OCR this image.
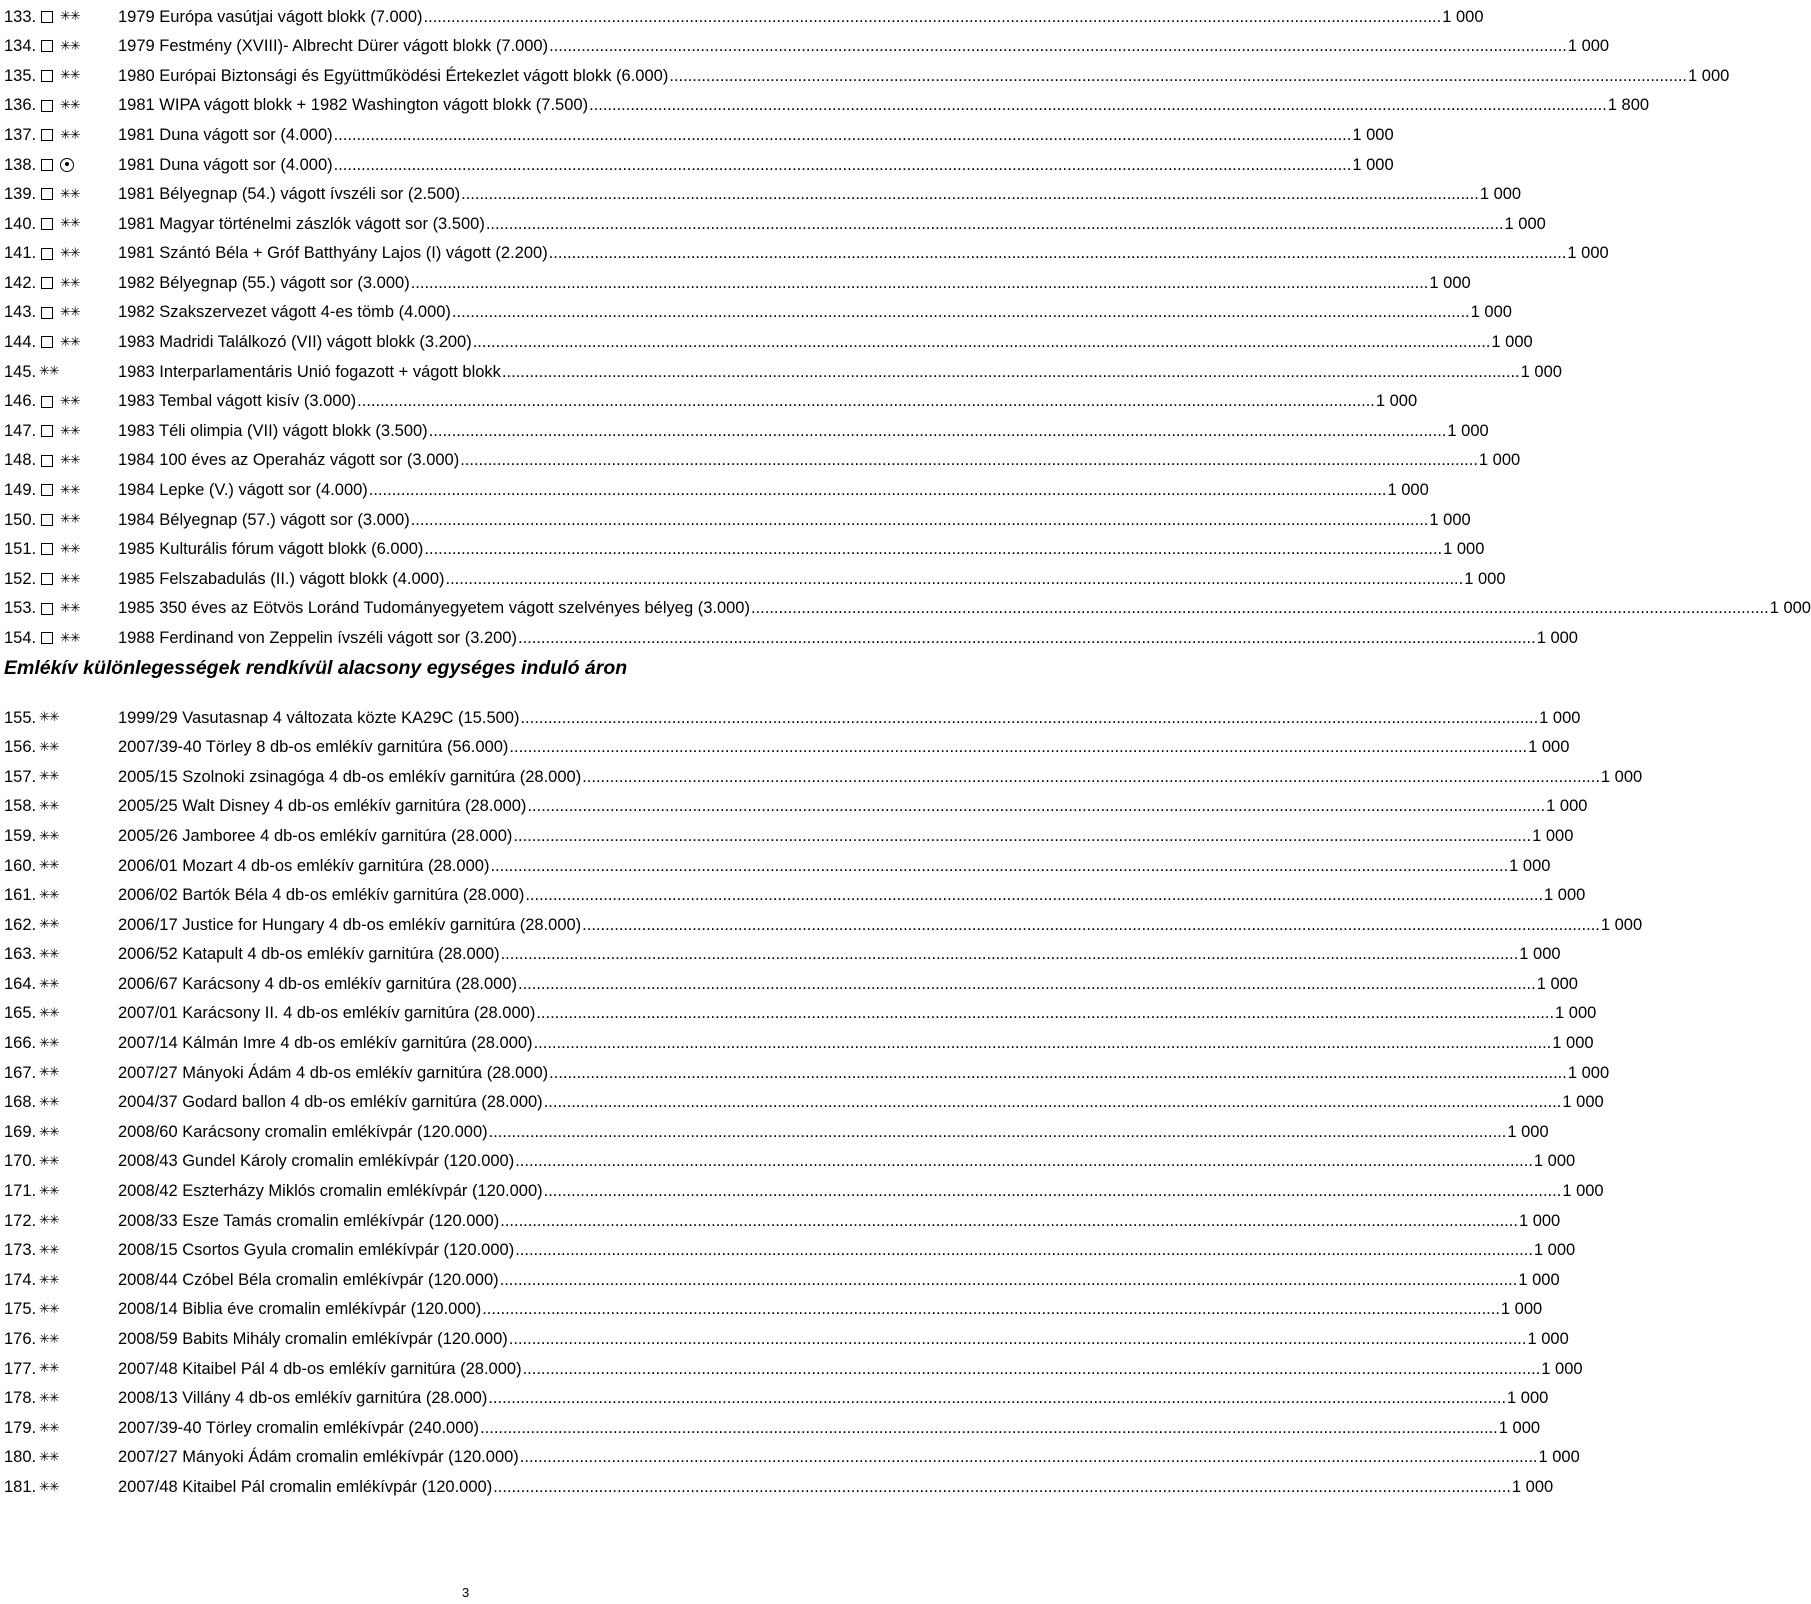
133. ✳✳ 1979 Európa vasútjai vágott blokk (7.000) .............................................................................................................................................................................................................................. 1 000
134. ✳✳ 1979 Festmény (XVIII)- Albrecht Dürer vágott blokk (7.000) .............................................................................................................................................................................................................................. 1 000
135. ✳✳ 1980 Európai Biztonsági és Együttműködési Értekezlet vágott blokk (6.000) .............................................................................................................................................................................................................................. 1 000
136. ✳✳ 1981 WIPA vágott blokk + 1982 Washington vágott blokk (7.500) .............................................................................................................................................................................................................................. 1 800
137. ✳✳ 1981 Duna vágott sor (4.000) .............................................................................................................................................................................................................................. 1 000
138.	1981 Duna vágott sor (4.000) .............................................................................................................................................................................................................................. 1 000
139. ✳✳ 1981 Bélyegnap (54.) vágott ívszéli sor (2.500) .............................................................................................................................................................................................................................. 1 000
140. ✳✳ 1981 Magyar történelmi zászlók vágott sor (3.500) .............................................................................................................................................................................................................................. 1 000
141. ✳✳ 1981 Szántó Béla + Gróf Batthyány Lajos (I) vágott (2.200) .............................................................................................................................................................................................................................. 1 000
142. ✳✳ 1982 Bélyegnap (55.) vágott sor (3.000) .............................................................................................................................................................................................................................. 1 000
143. ✳✳ 1982 Szakszervezet vágott 4-es tömb (4.000) .............................................................................................................................................................................................................................. 1 000
144. ✳✳ 1983 Madridi Találkozó (VII) vágott blokk (3.200) .............................................................................................................................................................................................................................. 1 000
145. ✳✳	1983 Interparlamentáris Unió fogazott + vágott blokk .............................................................................................................................................................................................................................. 1 000
146. ✳✳ 1983 Tembal vágott kisív (3.000) .............................................................................................................................................................................................................................. 1 000
147. ✳✳ 1983 Téli olimpia (VII) vágott blokk (3.500) .............................................................................................................................................................................................................................. 1 000
148. ✳✳ 1984 100 éves az Operaház vágott sor (3.000) .............................................................................................................................................................................................................................. 1 000
149. ✳✳ 1984 Lepke (V.) vágott sor (4.000) .............................................................................................................................................................................................................................. 1 000
150. ✳✳ 1984 Bélyegnap (57.) vágott sor (3.000) .............................................................................................................................................................................................................................. 1 000
151. ✳✳ 1985 Kulturális fórum vágott blokk (6.000) .............................................................................................................................................................................................................................. 1 000
152. ✳✳ 1985 Felszabadulás (II.) vágott blokk (4.000) .............................................................................................................................................................................................................................. 1 000
153. ✳✳ 1985 350 éves az Eötvös Loránd Tudományegyetem vágott szelvényes bélyeg (3.000) .............................................................................................................................................................................................................................. 1 000
154. ✳✳ 1988 Ferdinand von Zeppelin ívszéli vágott sor (3.200) .............................................................................................................................................................................................................................. 1 000
Emlékív különlegességek rendkívül alacsony egységes induló áron
155. ✳✳	1999/29 Vasutasnap 4 változata közte KA29C (15.500) .............................................................................................................................................................................................................................. 1 000
156. ✳✳	2007/39-40 Törley 8 db-os emlékív garnitúra (56.000) .............................................................................................................................................................................................................................. 1 000
157. ✳✳	2005/15 Szolnoki zsinagóga 4 db-os emlékív garnitúra (28.000) .............................................................................................................................................................................................................................. 1 000
158. ✳✳	2005/25 Walt Disney 4 db-os emlékív garnitúra (28.000) .............................................................................................................................................................................................................................. 1 000
159. ✳✳	2005/26 Jamboree 4 db-os emlékív garnitúra (28.000) .............................................................................................................................................................................................................................. 1 000
160. ✳✳	2006/01 Mozart 4 db-os emlékív garnitúra (28.000) .............................................................................................................................................................................................................................. 1 000
161. ✳✳	2006/02 Bartók Béla 4 db-os emlékív garnitúra (28.000) .............................................................................................................................................................................................................................. 1 000
162. ✳✳	2006/17 Justice for Hungary 4 db-os emlékív garnitúra (28.000) .............................................................................................................................................................................................................................. 1 000
163. ✳✳	2006/52 Katapult 4 db-os emlékív garnitúra (28.000) .............................................................................................................................................................................................................................. 1 000
164. ✳✳	2006/67 Karácsony 4 db-os emlékív garnitúra (28.000) .............................................................................................................................................................................................................................. 1 000
165. ✳✳	2007/01 Karácsony II. 4 db-os emlékív garnitúra (28.000) .............................................................................................................................................................................................................................. 1 000
166. ✳✳	2007/14 Kálmán Imre 4 db-os emlékív garnitúra (28.000) .............................................................................................................................................................................................................................. 1 000
167. ✳✳	2007/27 Mányoki Ádám 4 db-os emlékív garnitúra (28.000) .............................................................................................................................................................................................................................. 1 000
168. ✳✳	2004/37 Godard ballon 4 db-os emlékív garnitúra (28.000) .............................................................................................................................................................................................................................. 1 000
169. ✳✳	2008/60 Karácsony cromalin emlékívpár (120.000) .............................................................................................................................................................................................................................. 1 000
170. ✳✳	2008/43 Gundel Károly cromalin emlékívpár (120.000) .............................................................................................................................................................................................................................. 1 000
171. ✳✳	2008/42 Eszterházy Miklós cromalin emlékívpár (120.000) .............................................................................................................................................................................................................................. 1 000
172. ✳✳	2008/33 Esze Tamás cromalin emlékívpár (120.000) .............................................................................................................................................................................................................................. 1 000
173. ✳✳	2008/15 Csortos Gyula cromalin emlékívpár (120.000) .............................................................................................................................................................................................................................. 1 000
174. ✳✳	2008/44 Czóbel Béla cromalin emlékívpár (120.000) .............................................................................................................................................................................................................................. 1 000
175. ✳✳	2008/14 Biblia éve cromalin emlékívpár (120.000) .............................................................................................................................................................................................................................. 1 000
176. ✳✳	2008/59 Babits Mihály cromalin emlékívpár (120.000) .............................................................................................................................................................................................................................. 1 000
177. ✳✳	2007/48 Kitaibel Pál 4 db-os emlékív garnitúra (28.000) .............................................................................................................................................................................................................................. 1 000
178. ✳✳	2008/13 Villány 4 db-os emlékív garnitúra (28.000) .............................................................................................................................................................................................................................. 1 000
179. ✳✳	2007/39-40 Törley cromalin emlékívpár (240.000) .............................................................................................................................................................................................................................. 1 000
180. ✳✳	2007/27 Mányoki Ádám cromalin emlékívpár (120.000) .............................................................................................................................................................................................................................. 1 000
181. ✳✳	2007/48 Kitaibel Pál cromalin emlékívpár (120.000) .............................................................................................................................................................................................................................. 1 000
3
